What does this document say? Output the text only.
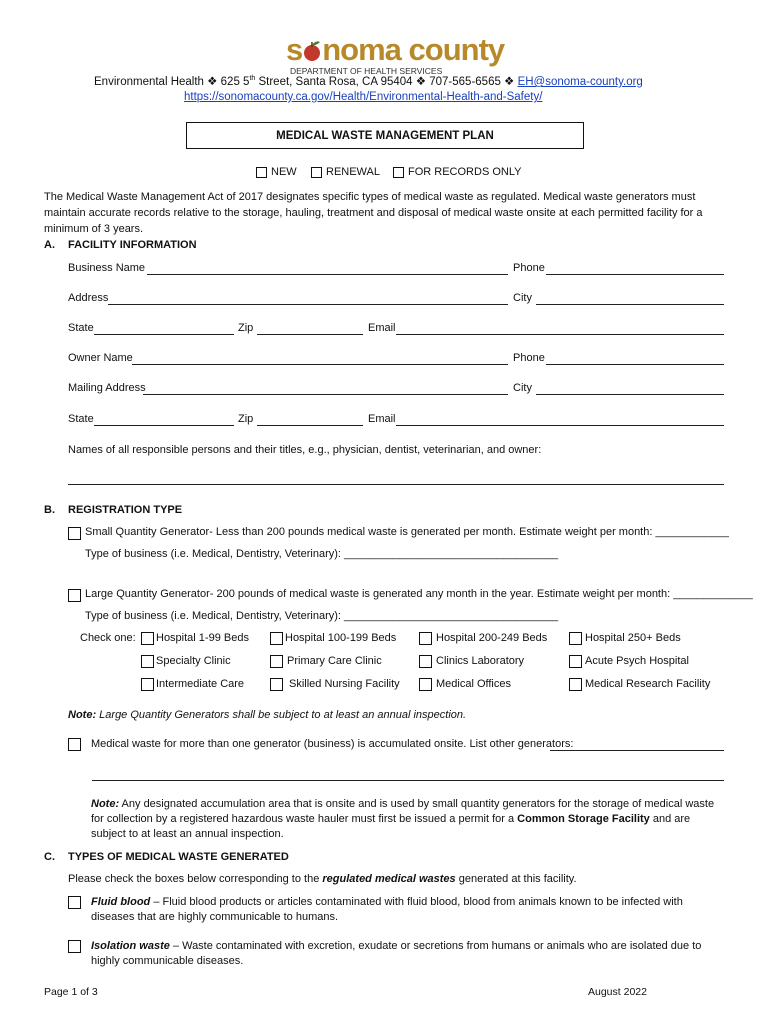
s noma county
DEPARTMENT OF HEALTH SERVICES
Environmental Health ❖ 625 5th Street, Santa Rosa, CA 95404 ❖ 707-565-6565 ❖ EH@sonoma-county.org
https://sonomacounty.ca.gov/Health/Environmental-Health-and-Safety/
MEDICAL WASTE MANAGEMENT PLAN
NEW	RENEWAL	FOR RECORDS ONLY
The Medical Waste Management Act of 2017 designates specific types of medical waste as regulated. Medical waste generators must maintain accurate records relative to the storage, hauling, treatment and disposal of medical waste onsite at each permitted facility for a minimum of 3 years.
A. FACILITY INFORMATION
Business Name	Phone
Address	City
State	Zip	Email
Owner Name	Phone
Mailing Address	City
State	Zip	Email
Names of all responsible persons and their titles, e.g., physician, dentist, veterinarian, and owner:
B. REGISTRATION TYPE
Small Quantity Generator- Less than 200 pounds medical waste is generated per month. Estimate weight per month: ____________
Type of business (i.e. Medical, Dentistry, Veterinary): ___________________________________
Large Quantity Generator- 200 pounds of medical waste is generated any month in the year. Estimate weight per month: _____________
Type of business (i.e. Medical, Dentistry, Veterinary): ___________________________________
Check one: Hospital 1-99 Beds	Hospital 100-199 Beds	Hospital 200-249 Beds	Hospital 250+ Beds
Specialty Clinic	Primary Care Clinic	Clinics Laboratory	Acute Psych Hospital
Intermediate Care	Skilled Nursing Facility	Medical Offices	Medical Research Facility
Note: Large Quantity Generators shall be subject to at least an annual inspection.
Medical waste for more than one generator (business) is accumulated onsite. List other generators:
Note: Any designated accumulation area that is onsite and is used by small quantity generators for the storage of medical waste for collection by a registered hazardous waste hauler must first be issued a permit for a Common Storage Facility and are subject to at least an annual inspection.
C. TYPES OF MEDICAL WASTE GENERATED
Please check the boxes below corresponding to the regulated medical wastes generated at this facility.
Fluid blood – Fluid blood products or articles contaminated with fluid blood, blood from animals known to be infected with diseases that are highly communicable to humans.
Isolation waste – Waste contaminated with excretion, exudate or secretions from humans or animals who are isolated due to highly communicable diseases.
Page 1 of 3	August 2022
